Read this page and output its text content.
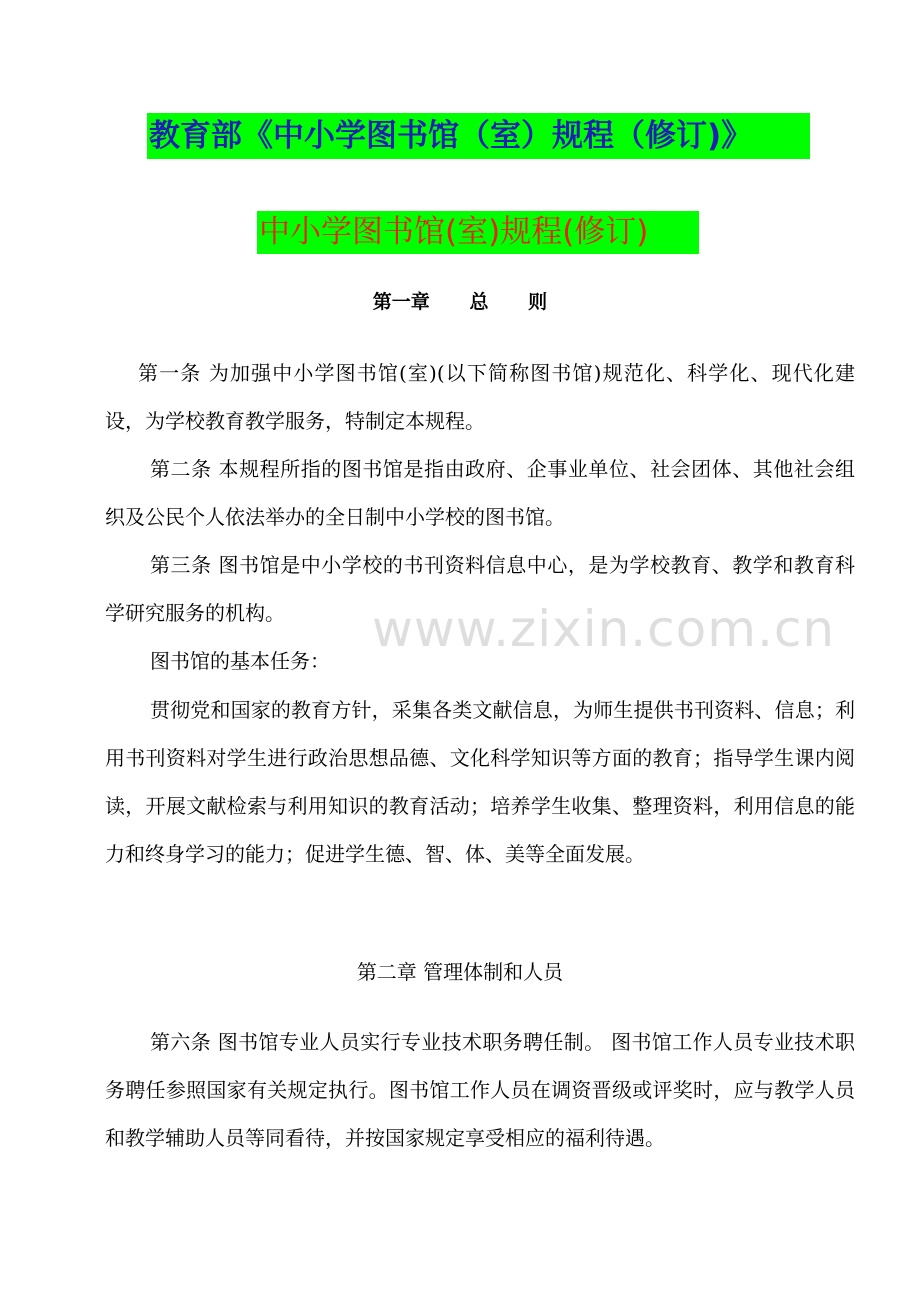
教育部《中小学图书馆（室）规程（修订)》
中小学图书馆(室)规程(修订)
第一章      总      则

第一条 为加强中小学图书馆(室)(以下简称图书馆)规范化、科学化、现代化建设，为学校教育教学服务，特制定本规程。

第二条 本规程所指的图书馆是指由政府、企事业单位、社会团体、其他社会组织及公民个人依法举办的全日制中小学校的图书馆。

第三条 图书馆是中小学校的书刊资料信息中心，是为学校教育、教学和教育科学研究服务的机构。

图书馆的基本任务：

贯彻党和国家的教育方针，采集各类文献信息，为师生提供书刊资料、信息；利用书刊资料对学生进行政治思想品德、文化科学知识等方面的教育；指导学生课内阅读，开展文献检索与利用知识的教育活动；培养学生收集、整理资料，利用信息的能力和终身学习的能力；促进学生德、智、体、美等全面发展。

第二章 管理体制和人员

第六条 图书馆专业人员实行专业技术职务聘任制。 图书馆工作人员专业技术职务聘任参照国家有关规定执行。图书馆工作人员在调资晋级或评奖时，应与教学人员和教学辅助人员等同看待，并按国家规定享受相应的福利待遇。

www.zixin.com.cn
